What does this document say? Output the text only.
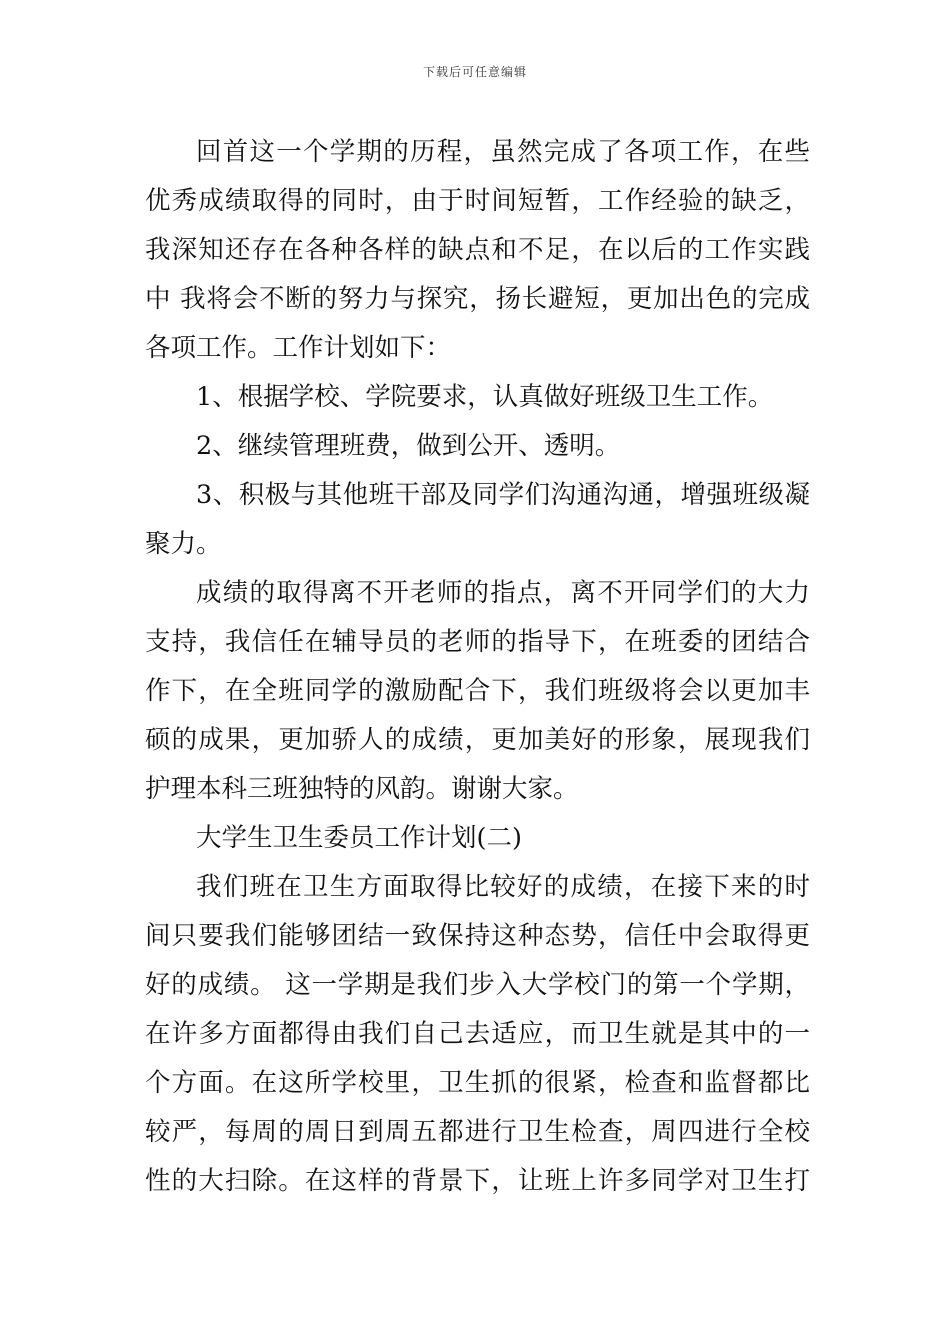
下载后可任意编辑
回首这一个学期的历程，虽然完成了各项工作，在些
优秀成绩取得的同时，由于时间短暂，工作经验的缺乏，
我深知还存在各种各样的缺点和不足，在以后的工作实践
中 我将会不断的努力与探究，扬长避短，更加出色的完成
各项工作。工作计划如下：
1、根据学校、学院要求，认真做好班级卫生工作。
2、继续管理班费，做到公开、透明。
3、积极与其他班干部及同学们沟通沟通，增强班级凝
聚力。
成绩的取得离不开老师的指点，离不开同学们的大力
支持，我信任在辅导员的老师的指导下，在班委的团结合
作下，在全班同学的激励配合下，我们班级将会以更加丰
硕的成果，更加骄人的成绩，更加美好的形象，展现我们
护理本科三班独特的风韵。谢谢大家。
大学生卫生委员工作计划(二)
我们班在卫生方面取得比较好的成绩，在接下来的时
间只要我们能够团结一致保持这种态势，信任中会取得更
好的成绩。 这一学期是我们步入大学校门的第一个学期，
在许多方面都得由我们自己去适应，而卫生就是其中的一
个方面。在这所学校里，卫生抓的很紧，检查和监督都比
较严，每周的周日到周五都进行卫生检查，周四进行全校
性的大扫除。在这样的背景下，让班上许多同学对卫生打
